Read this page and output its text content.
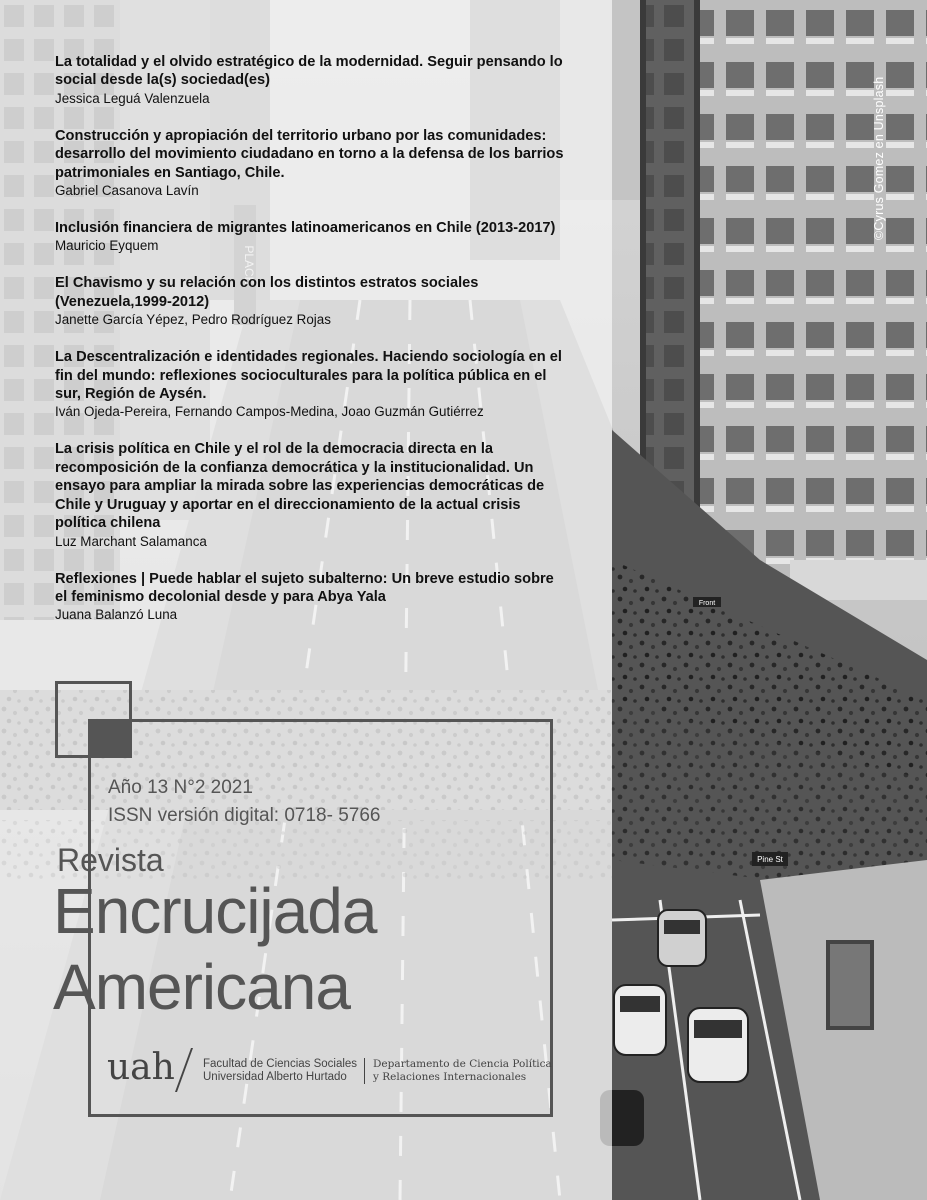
Front
Pine St
La totalidad y el olvido estratégico de la modernidad. Seguir pensando lo social desde la(s) sociedad(es)
Jessica Leguá Valenzuela
Construcción y apropiación del territorio urbano por las comunidades: desarrollo del movimiento ciudadano en torno a la defensa de los barrios patrimoniales en Santiago, Chile.
Gabriel Casanova Lavín
Inclusión financiera de migrantes latinoamericanos en Chile (2013-2017)
Mauricio Eyquem
El Chavismo y su relación con los distintos estratos sociales (Venezuela,1999-2012)
Janette García Yépez, Pedro Rodríguez Rojas
La Descentralización e identidades regionales. Haciendo sociología en el fin del mundo: reflexiones socioculturales para la política pública en el sur, Región de Aysén.
Iván Ojeda-Pereira, Fernando Campos-Medina, Joao Guzmán Gutiérrez
La crisis política en Chile y el rol de la democracia directa en la recomposición de la confianza democrática y la institucionalidad. Un ensayo para ampliar la mirada sobre las experiencias democráticas de Chile y Uruguay y aportar en el direccionamiento de la actual crisis política chilena
Luz Marchant Salamanca
Reflexiones | Puede hablar el sujeto subalterno: Un breve estudio sobre el feminismo decolonial desde y para Abya Yala
Juana Balanzó Luna
©Cyrus Gomez en Unsplash
Año 13 N°2 2021
ISSN versión digital: 0718- 5766
Revista
Encrucijada
Americana
uah Facultad de Ciencias Sociales
Universidad Alberto Hurtado
Departamento de Ciencia Política
y Relaciones Internacionales
